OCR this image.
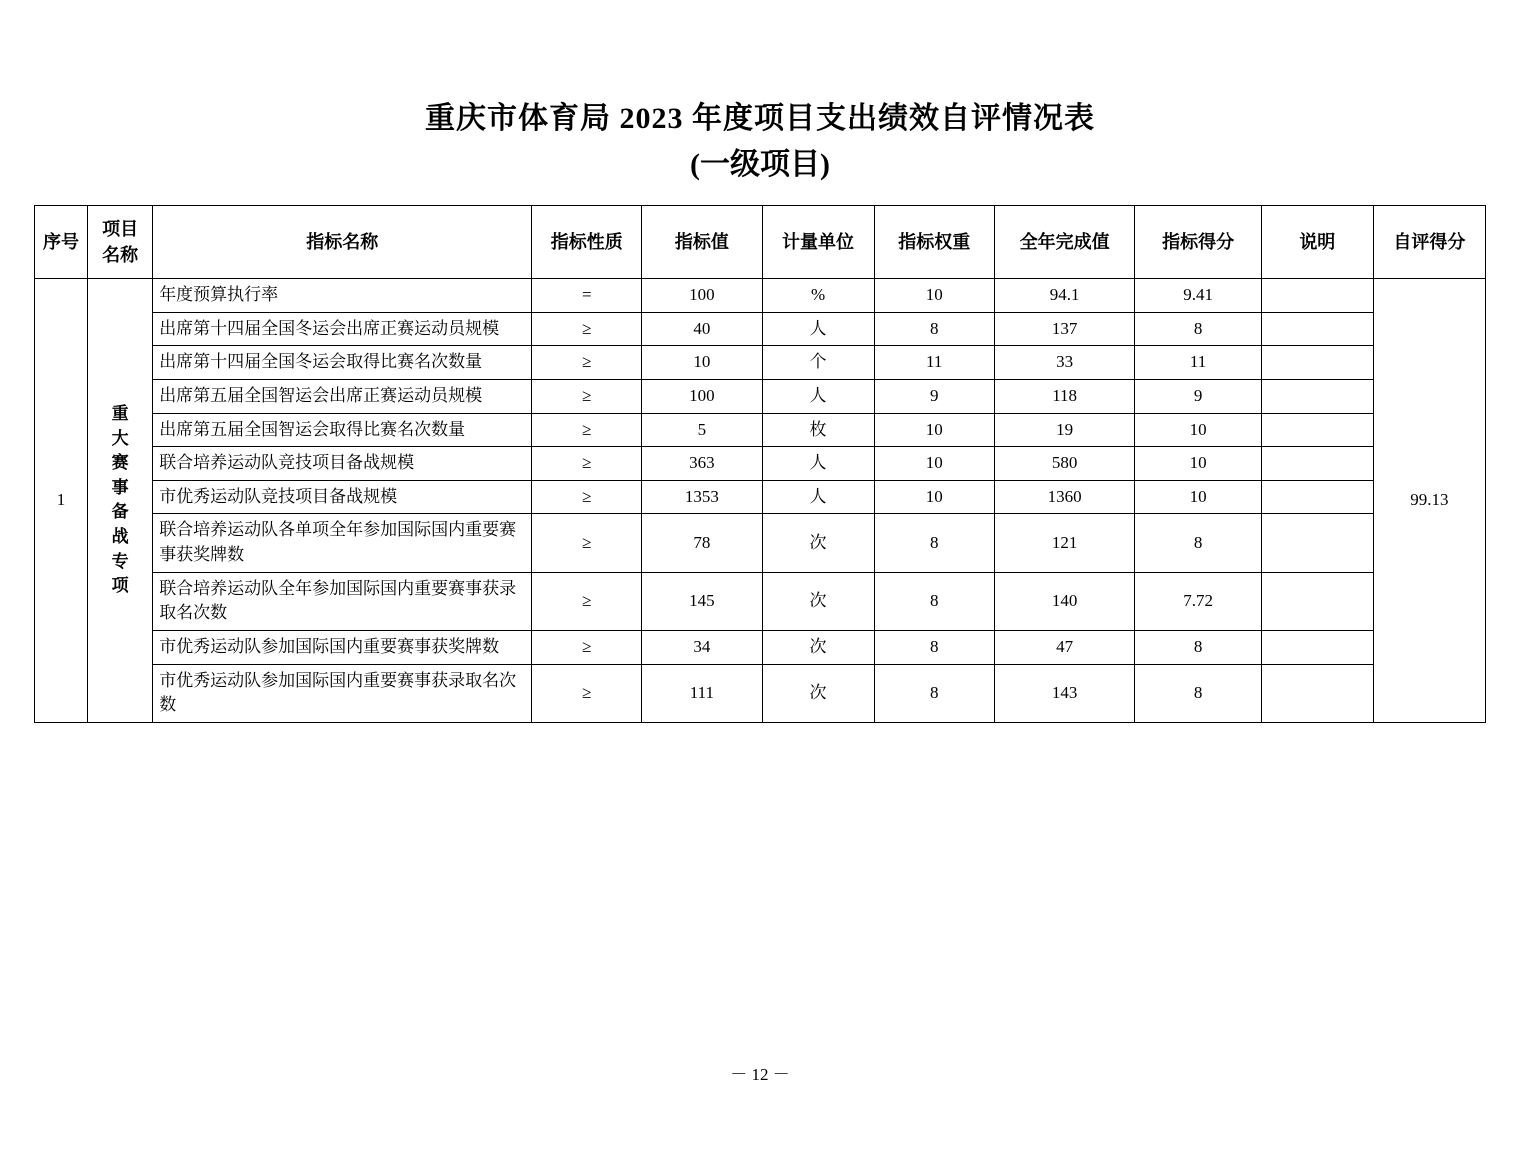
重庆市体育局 2023 年度项目支出绩效自评情况表
(一级项目)
序号	项目名称	指标名称	指标性质	指标值	计量单位	指标权重	全年完成值	指标得分	说明	自评得分
1	重大赛事备战专项	年度预算执行率	=	100	%	10	94.1	9.41		99.13
		出席第十四届全国冬运会出席正赛运动员规模	≥	40	人	8	137	8		
		出席第十四届全国冬运会取得比赛名次数量	≥	10	个	11	33	11		
		出席第五届全国智运会出席正赛运动员规模	≥	100	人	9	118	9		
		出席第五届全国智运会取得比赛名次数量	≥	5	枚	10	19	10		
		联合培养运动队竞技项目备战规模	≥	363	人	10	580	10		
		市优秀运动队竞技项目备战规模	≥	1353	人	10	1360	10		
		联合培养运动队各单项全年参加国际国内重要赛事获奖牌数	≥	78	次	8	121	8		
		联合培养运动队全年参加国际国内重要赛事获录取名次数	≥	145	次	8	140	7.72		
		市优秀运动队参加国际国内重要赛事获奖牌数	≥	34	次	8	47	8		
		市优秀运动队参加国际国内重要赛事获录取名次数	≥	111	次	8	143	8		
－ 12 －
